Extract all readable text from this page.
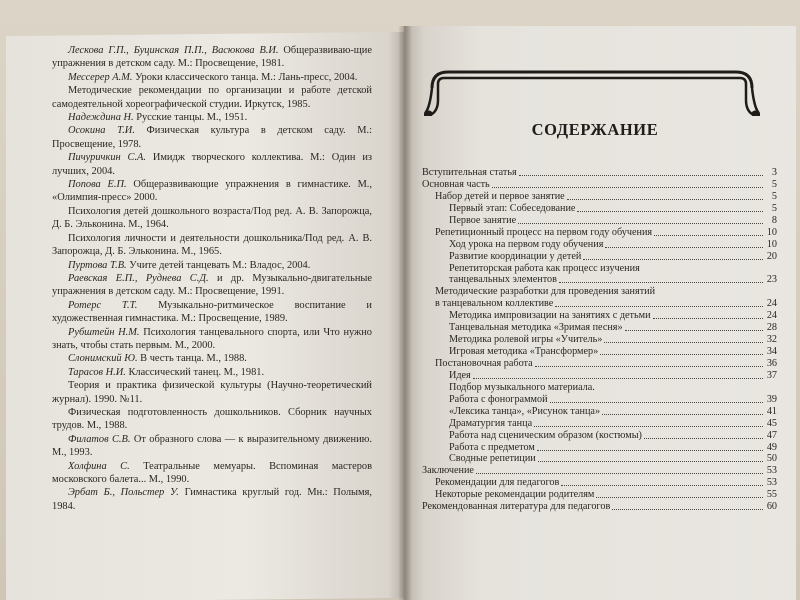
Лескова Г.П., Буцинская П.П., Васюкова В.И. Общеразвиваю-щие упражнения в детском саду. М.: Просвещение, 1981.

Мессерер А.М. Уроки классического танца. М.: Лань-пресс, 2004.

Методические рекомендации по организации и работе детской самодеятельной хореографической студии. Иркутск, 1985.

Надеждина Н. Русские танцы. М., 1951.

Осокина Т.И. Физическая культура в детском саду. М.: Просвещение, 1978.

Пичуричкин С.А. Имидж творческого коллектива. М.: Один из лучших, 2004.

Попова Е.П. Общеразвивающие упражнения в гимнастике. М., «Олимпия-пресс» 2000.

Психология детей дошкольного возраста/Под ред. А. В. Запорожца, Д. Б. Эльконина. М., 1964.

Психология личности и деятельности дошкольника/Под ред. А. В. Запорожца, Д. Б. Эльконина. М., 1965.

Пуртова Т.В. Учите детей танцевать М.: Владос, 2004.

Раевская Е.П., Руднева С.Д. и др. Музыкально-двигательные упражнения в детском саду. М.: Просвещение, 1991.

Ротерс Т.Т. Музыкально-ритмическое воспитание и художественная гимнастика. М.: Просвещение, 1989.

Рубштейн Н.М. Психология танцевального спорта, или Что нужно знать, чтобы стать первым. М., 2000.

Слонимский Ю. В честь танца. М., 1988.

Тарасов Н.И. Классический танец. М., 1981.

Теория и практика физической культуры (Научно-теоретический журнал). 1990. №11.

Физическая подготовленность дошкольников. Сборник научных трудов. М., 1988.

Филатов С.В. От образного слова — к выразительному движению. М., 1993.

Холфина С. Театральные мемуары. Вспоминая мастеров московского балета... М., 1990.

Эрбат Б., Польстер У. Гимнастика круглый год. Мн.: Полымя, 1984.

СОДЕРЖАНИЕ
Вступительная статья	3
Основная часть	5
Набор детей и первое занятие	5
Первый этап: Собеседование	5
Первое занятие	8
Репетиционный процесс на первом году обучения	10
Ход урока на первом году обучения	10
Развитие координации у детей	20
Репетиторская работа как процесс изучения
танцевальных элементов	23
Методические разработки для проведения занятий
в танцевальном коллективе	24
Методика импровизации на занятиях с детьми	24
Танцевальная методика «Зримая песня»	28
Методика ролевой игры «Учитель»	32
Игровая методика «Трансформер»	34
Постановочная работа	36
Идея	37
Подбор музыкального материала.
Работа с фонограммой	39
«Лексика танца», «Рисунок танца»	41
Драматургия танца	45
Работа над сценическим образом (костюмы)	47
Работа с предметом	49
Сводные репетиции	50
Заключение	53
Рекомендации для педагогов	53
Некоторые рекомендации родителям	55
Рекомендованная литература для педагогов	60
